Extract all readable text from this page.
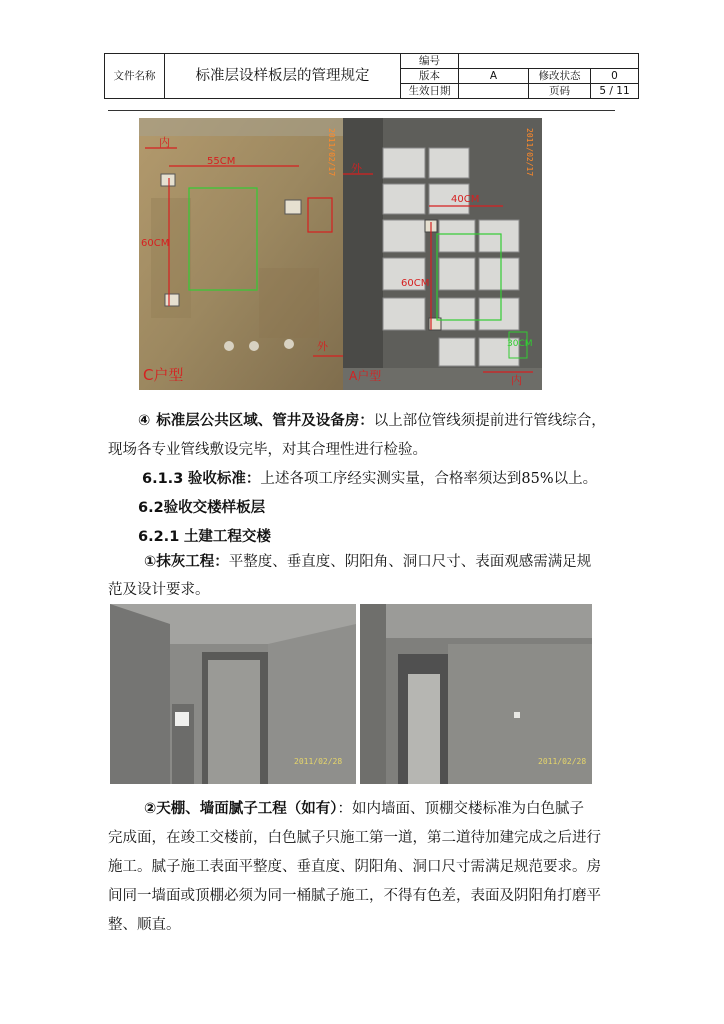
文件名称	标准层设样板层的管理规定	编号			
		版本	A	修改状态	0
		生效日期		页码	5 / 11
内
55CM
60CM
外
C户型
2011/02/17 外
40CM
60CM
30CM
内
A户型
2011/02/17

④ 标准层公共区域、管井及设备房：以上部位管线须提前进行管线综合，

现场各专业管线敷设完毕，对其合理性进行检验。

6.1.3 验收标准：上述各项工序经实测实量，合格率须达到85%以上。

6.2验收交楼样板层

6.2.1 土建工程交楼

①抹灰工程：平整度、垂直度、阴阳角、洞口尺寸、表面观感需满足规

范及设计要求。

2011/02/28	2011/02/28

②天棚、墙面腻子工程（如有）：如内墙面、顶棚交楼标准为白色腻子

完成面，在竣工交楼前，白色腻子只施工第一道，第二道待加建完成之后进行

施工。腻子施工表面平整度、垂直度、阴阳角、洞口尺寸需满足规范要求。房

间同一墙面或顶棚必须为同一桶腻子施工，不得有色差，表面及阴阳角打磨平

整、顺直。
